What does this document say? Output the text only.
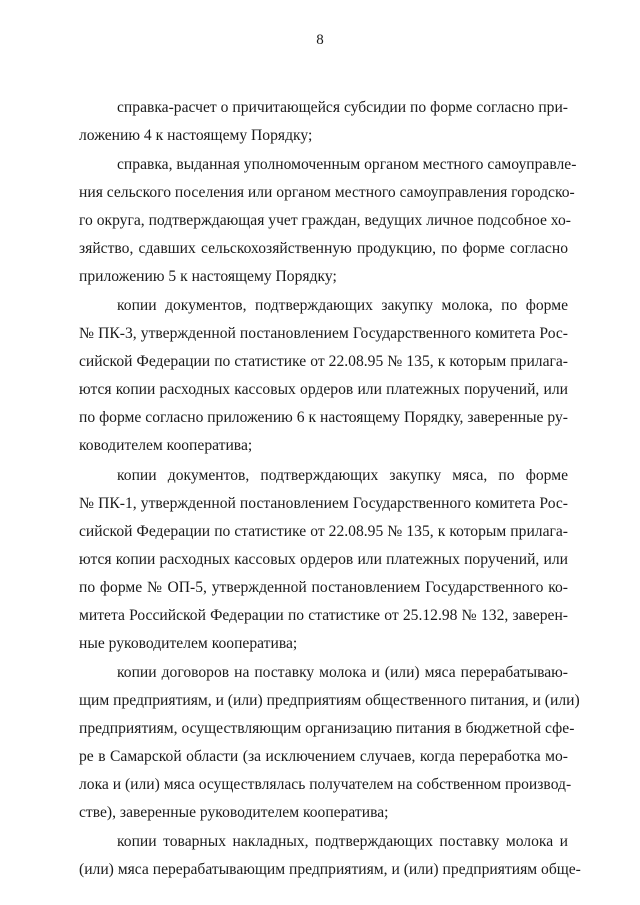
8
справка-расчет о причитающейся субсидии по форме согласно при-
ложению 4 к настоящему Порядку;
справка, выданная уполномоченным органом местного самоуправле-
ния сельского поселения или органом местного самоуправления городско-
го округа, подтверждающая учет граждан, ведущих личное подсобное хо-
зяйство, сдавших сельскохозяйственную продукцию, по форме согласно
приложению 5 к настоящему Порядку;
копии документов, подтверждающих закупку молока, по форме
№ ПК-3, утвержденной постановлением Государственного комитета Рос-
сийской Федерации по статистике от 22.08.95 № 135, к которым прилага-
ются копии расходных кассовых ордеров или платежных поручений, или
по форме согласно приложению 6 к настоящему Порядку, заверенные ру-
ководителем кооператива;
копии документов, подтверждающих закупку мяса, по форме
№ ПК-1, утвержденной постановлением Государственного комитета Рос-
сийской Федерации по статистике от 22.08.95 № 135, к которым прилага-
ются копии расходных кассовых ордеров или платежных поручений, или
по форме № ОП-5, утвержденной постановлением Государственного ко-
митета Российской Федерации по статистике от 25.12.98 № 132, заверен-
ные руководителем кооператива;
копии договоров на поставку молока и (или) мяса перерабатываю-
щим предприятиям, и (или) предприятиям общественного питания, и (или)
предприятиям, осуществляющим организацию питания в бюджетной сфе-
ре в Самарской области (за исключением случаев, когда переработка мо-
лока и (или) мяса осуществлялась получателем на собственном производ-
стве), заверенные руководителем кооператива;
копии товарных накладных, подтверждающих поставку молока и
(или) мяса перерабатывающим предприятиям, и (или) предприятиям обще-
